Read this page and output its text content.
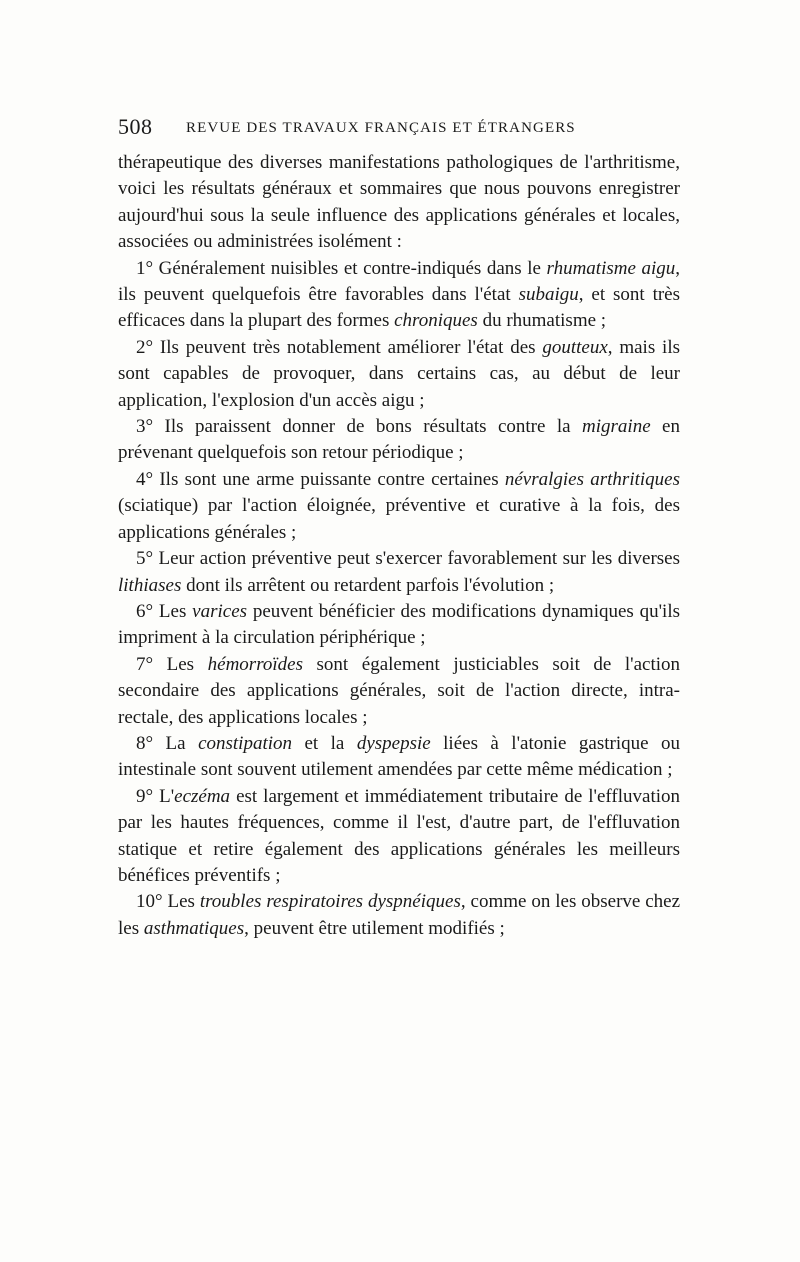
508 REVUE DES TRAVAUX FRANÇAIS ET ÉTRANGERS

thérapeutique des diverses manifestations pathologiques de l'arthritisme, voici les résultats généraux et sommaires que nous pouvons enregistrer aujourd'hui sous la seule influence des applications générales et locales, associées ou administrées isolément :

1° Généralement nuisibles et contre-indiqués dans le rhumatisme aigu, ils peuvent quelquefois être favorables dans l'état subaigu, et sont très efficaces dans la plupart des formes chroniques du rhumatisme ;

2° Ils peuvent très notablement améliorer l'état des goutteux, mais ils sont capables de provoquer, dans certains cas, au début de leur application, l'explosion d'un accès aigu ;

3° Ils paraissent donner de bons résultats contre la migraine en prévenant quelquefois son retour périodique ;

4° Ils sont une arme puissante contre certaines névralgies arthritiques (sciatique) par l'action éloignée, préventive et curative à la fois, des applications générales ;

5° Leur action préventive peut s'exercer favorablement sur les diverses lithiases dont ils arrêtent ou retardent parfois l'évolution ;

6° Les varices peuvent bénéficier des modifications dynamiques qu'ils impriment à la circulation périphérique ;

7° Les hémorroïdes sont également justiciables soit de l'action secondaire des applications générales, soit de l'action directe, intra-rectale, des applications locales ;

8° La constipation et la dyspepsie liées à l'atonie gastrique ou intestinale sont souvent utilement amendées par cette même médication ;

9° L'eczéma est largement et immédiatement tributaire de l'effluvation par les hautes fréquences, comme il l'est, d'autre part, de l'effluvation statique et retire également des applications générales les meilleurs bénéfices préventifs ;

10° Les troubles respiratoires dyspnéiques, comme on les observe chez les asthmatiques, peuvent être utilement modifiés ;
